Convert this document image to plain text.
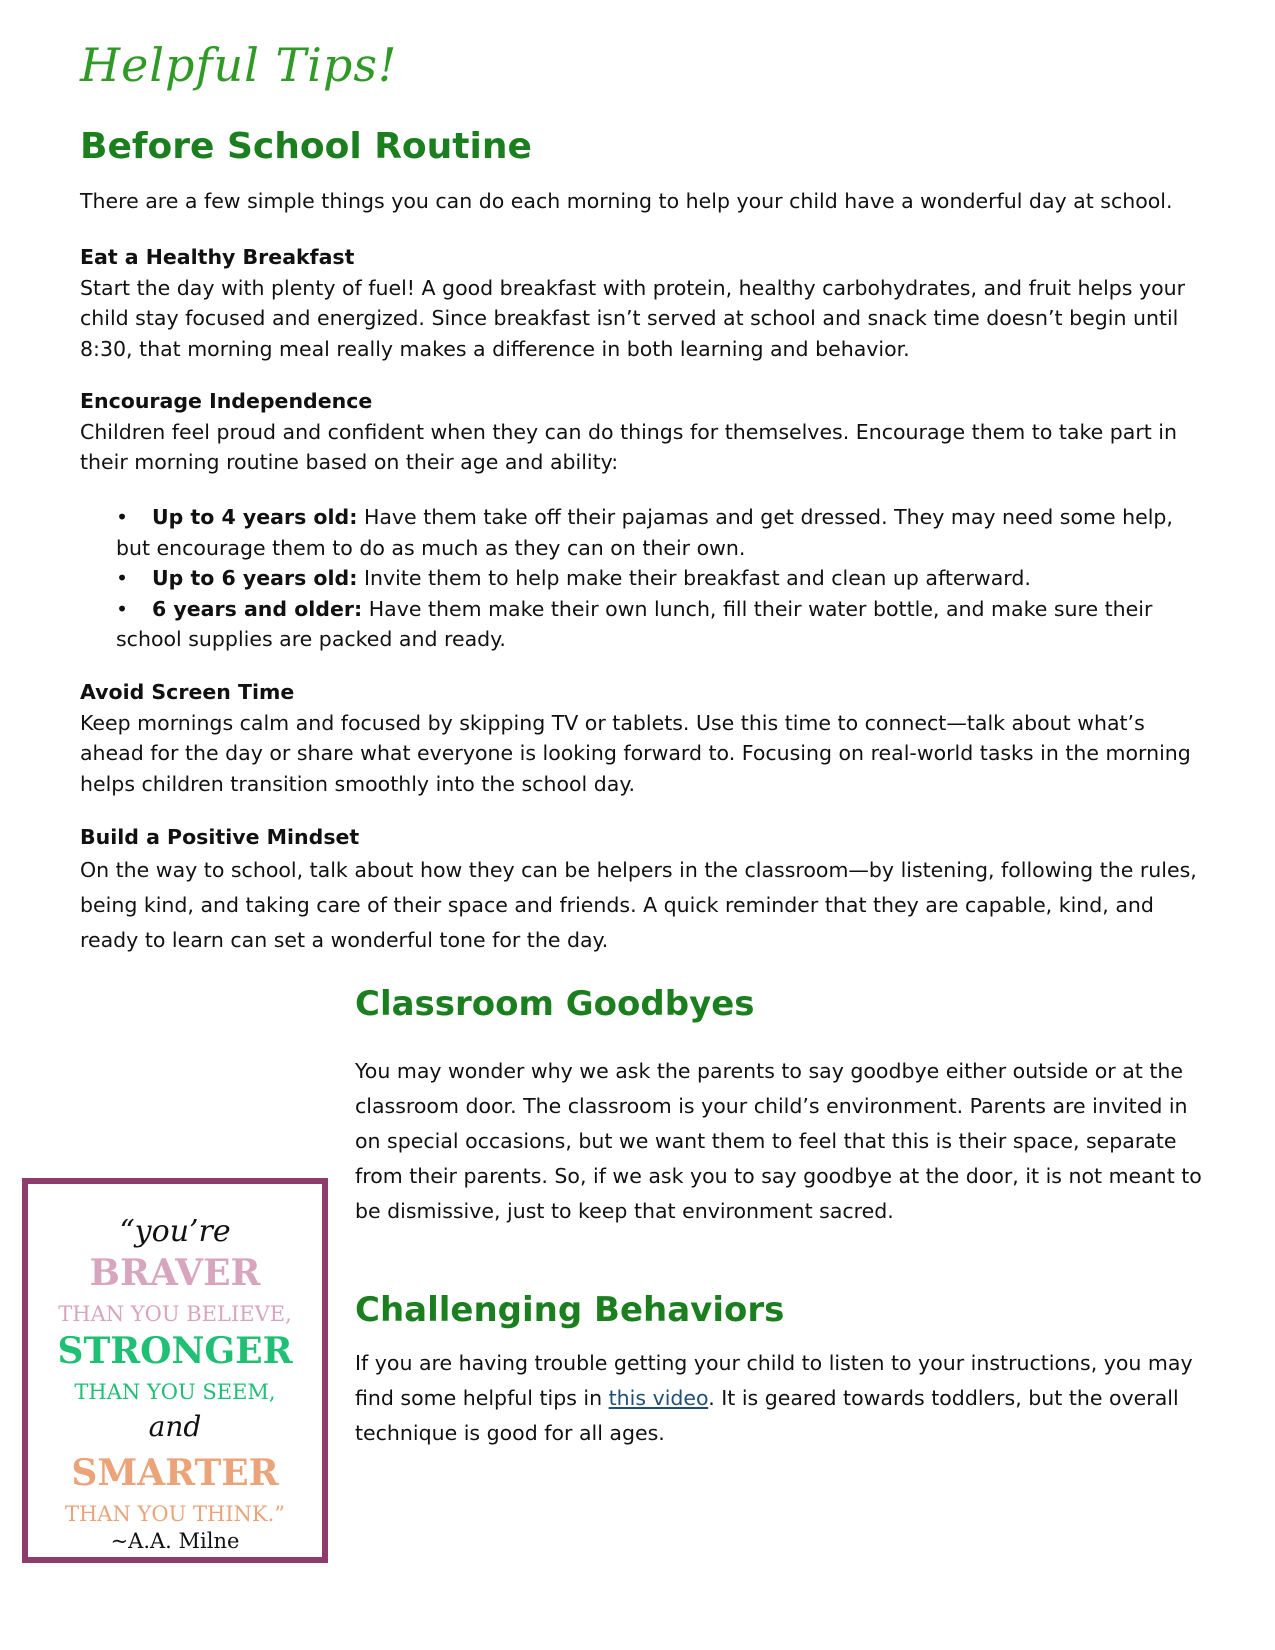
Helpful Tips!
Before School Routine
There are a few simple things you can do each morning to help your child have a wonderful day at school.
Eat a Healthy Breakfast
Start the day with plenty of fuel! A good breakfast with protein, healthy carbohydrates, and fruit helps your child stay focused and energized. Since breakfast isn’t served at school and snack time doesn’t begin until 8:30, that morning meal really makes a difference in both learning and behavior.
Encourage Independence
Children feel proud and confident when they can do things for themselves. Encourage them to take part in their morning routine based on their age and ability:
• Up to 4 years old: Have them take off their pajamas and get dressed. They may need some help, but encourage them to do as much as they can on their own.
• Up to 6 years old: Invite them to help make their breakfast and clean up afterward.
• 6 years and older: Have them make their own lunch, fill their water bottle, and make sure their school supplies are packed and ready.
Avoid Screen Time
Keep mornings calm and focused by skipping TV or tablets. Use this time to connect—talk about what’s ahead for the day or share what everyone is looking forward to. Focusing on real-world tasks in the morning helps children transition smoothly into the school day.
Build a Positive Mindset
On the way to school, talk about how they can be helpers in the classroom—by listening, following the rules, being kind, and taking care of their space and friends. A quick reminder that they are capable, kind, and ready to learn can set a wonderful tone for the day.
Classroom Goodbyes
You may wonder why we ask the parents to say goodbye either outside or at the classroom door. The classroom is your child’s environment. Parents are invited in on special occasions, but we want them to feel that this is their space, separate from their parents. So, if we ask you to say goodbye at the door, it is not meant to be dismissive, just to keep that environment sacred.
Challenging Behaviors
If you are having trouble getting your child to listen to your instructions, you may find some helpful tips in this video. It is geared towards toddlers, but the overall technique is good for all ages.
“you’re
BRAVER
THAN YOU BELIEVE,
STRONGER
THAN YOU SEEM,
and
SMARTER
THAN YOU THINK.”
~A.A. Milne
